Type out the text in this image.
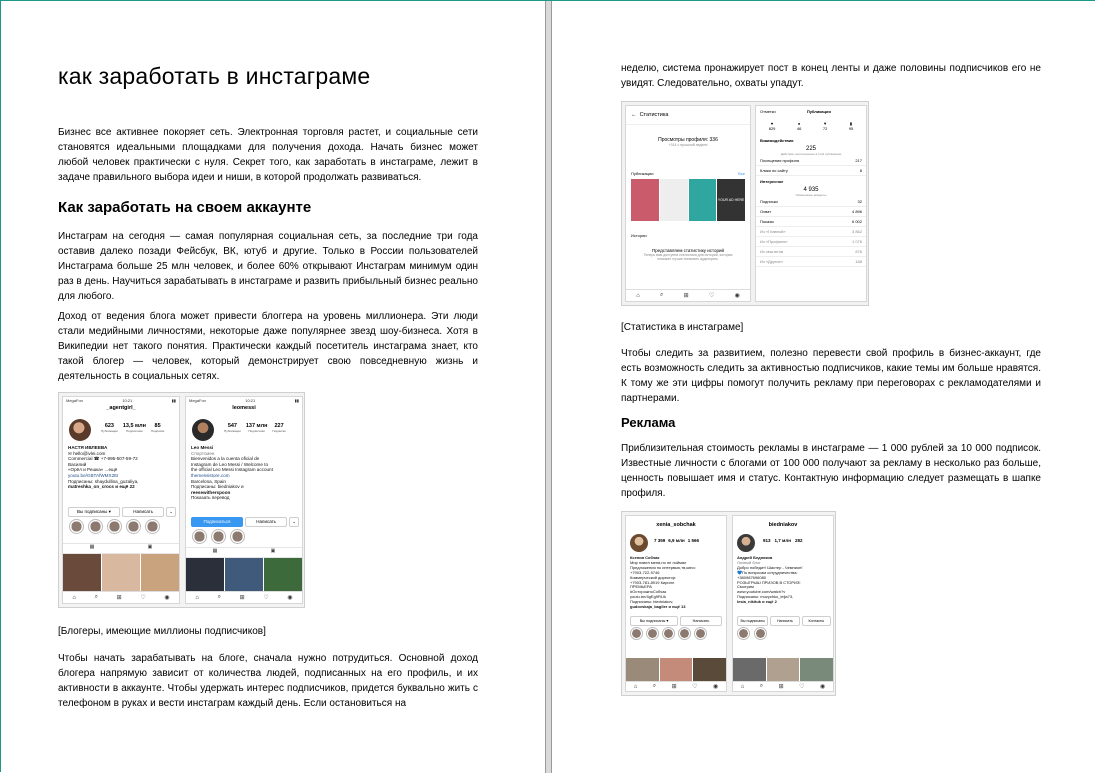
как заработать в инстаграме

Бизнес все активнее покоряет сеть. Электронная торговля растет, и социальные сети становятся идеальными площадками для получения дохода. Начать бизнес может любой человек практически с нуля. Секрет того, как заработать в инстаграме, лежит в задаче правильного выбора идеи и ниши, в которой продолжать развиваться.

Как заработать на своем аккаунте

Инстаграм на сегодня — самая популярная социальная сеть, за последние три года оставив далеко позади Фейсбук, ВК, ютуб и другие. Только в России пользователей Инстаграма больше 25 млн человек, и более 60% открывают Инстаграм минимум один раз в день. Научиться зарабатывать в инстаграме и развить прибыльный бизнес реально для любого.

Доход от ведения блога может привести блоггера на уровень миллионера. Эти люди стали медийными личностями, некоторые даже популярнее звезд шоу-бизнеса. Хотя в Википедии нет такого понятия. Практически каждый посетитель инстаграма знает, кто такой блогер — человек, который демонстрирует свою повседневную жизнь и деятельность в социальных сетях.

MegaFon	10:21	▮▮
_agentgirl_
623
Публикации
13,5 млн
Подписчики
85
Подписки
НАСТЯ ИВЛЕЕВА
✉ hello@ivlei.com
Commercial ☎ +7-995-507-59-72
Василий
«Орёл и Решка» ...ещё
youtu.be/GBTAfWMX2EI
Подписаны: shaydullina_guzaliya,
matreshka_on_crocs и ещё 22
Вы подписаны ▾	Написать	⌄
▦	▣
⌂	⌕	⊞	♡	◉
MegaFon	10:21	▮▮
leomessi
547
Публикации
137 млн
Подписчики
227
Подписки
Leo Messi
Спортсмен
Bienvenidos a la cuenta oficial de
Instagram de Leo Messi / Welcome to
the official Leo Messi Instagram account
themessistore.com
Barcelona, Spain
Подписаны: biedniakov и
reesewitherspoon
Показать перевод
Подписаться	Написать	⌄
▦	▣
⌂	⌕	⊞	♡	◉

[Блогеры, имеющие миллионы подписчиков]

Чтобы начать зарабатывать на блоге, сначала нужно потрудиться. Основной доход блогера напрямую зависит от количества людей, подписанных на его профиль, и их активности в аккаунте. Чтобы удержать интерес подписчиков, придется буквально жить с телефоном в руках и вести инстаграм каждый день. Если остановиться на

неделю, система пронажирует пост в конец ленты и даже половины подписчиков его не увидят. Следовательно, охваты упадут.

← Статистика
Просмотры профиля: 336
+314 с прошлой недели
Публикации	Все
YOUR AD HERE
Истории
Представляем статистику историй
Теперь вам доступна статистика для историй, которая поможет лучше понимать аудиторию.
⌂	⌕	⊞	♡	◉
Отметки	Публикация
♥
829
●
46
▼
72
▮
95
Взаимодействия
225
Действия, выполненные в этой публикации
Посещения профиля	217
Клики по сайту	8
Интересное
4 935
Охваченные аккаунты
Подписки	32
Охват	4 896
Показы	6 002
Из «Главной»	3 862
Из «Профиля»	1 076
Из хештегов	876
Из «Другое»	188

[Статистика в инстаграме]

Чтобы следить за развитием, полезно перевести свой профиль в бизнес-аккаунт, где есть возможность следить за активностью подписчиков, какие темы им больше нравятся. К тому же эти цифры помогут получить рекламу при переговорах с рекламодателями и партнерами.

Реклама

Приблизительная стоимость рекламы в инстаграме — 1 000 рублей за 10 000 подписок. Известные личности с блогами от 100 000 получают за рекламу в несколько раз больше, ценность повышает имя и статус. Контактную информацию следует размещать в шапке профиля.

xenia_sobchak
7 359 6,9 млн 1 566
Ксения Собчак
Мир повел меня,но не поймал
Предложения по интервью,тв,кино:
+7903-722-9746
Коммерческий директор:
+7903-781-8919 Кирилл
ПРЕМЬЕРА
#ОсторожноСобчак
youtu.be/4gEg9RLik
Подписаны: biedniakov,
gudovskaja_bagiler и ещё 13
Вы подписаны ▾	Написать
⌂	⌕	⊞	♡	◉
biedniakov
913 1,7 млн 282
Андрей Бедняков
Личный блог
Добро победит! Шастер - Чемпион!
💙По вопросам сотрудничества:
+380987696080
РОЗЫГРЫШ ПРИЗОВ В СТОРИЗ!
Смотрим
www.youtube.com/watch?v
Подписаны: muzychko_lelja73,
lesia_nikituk и ещё 2
Вы подписаны	Написать	Контакты
⌂	⌕	⊞	♡	◉
